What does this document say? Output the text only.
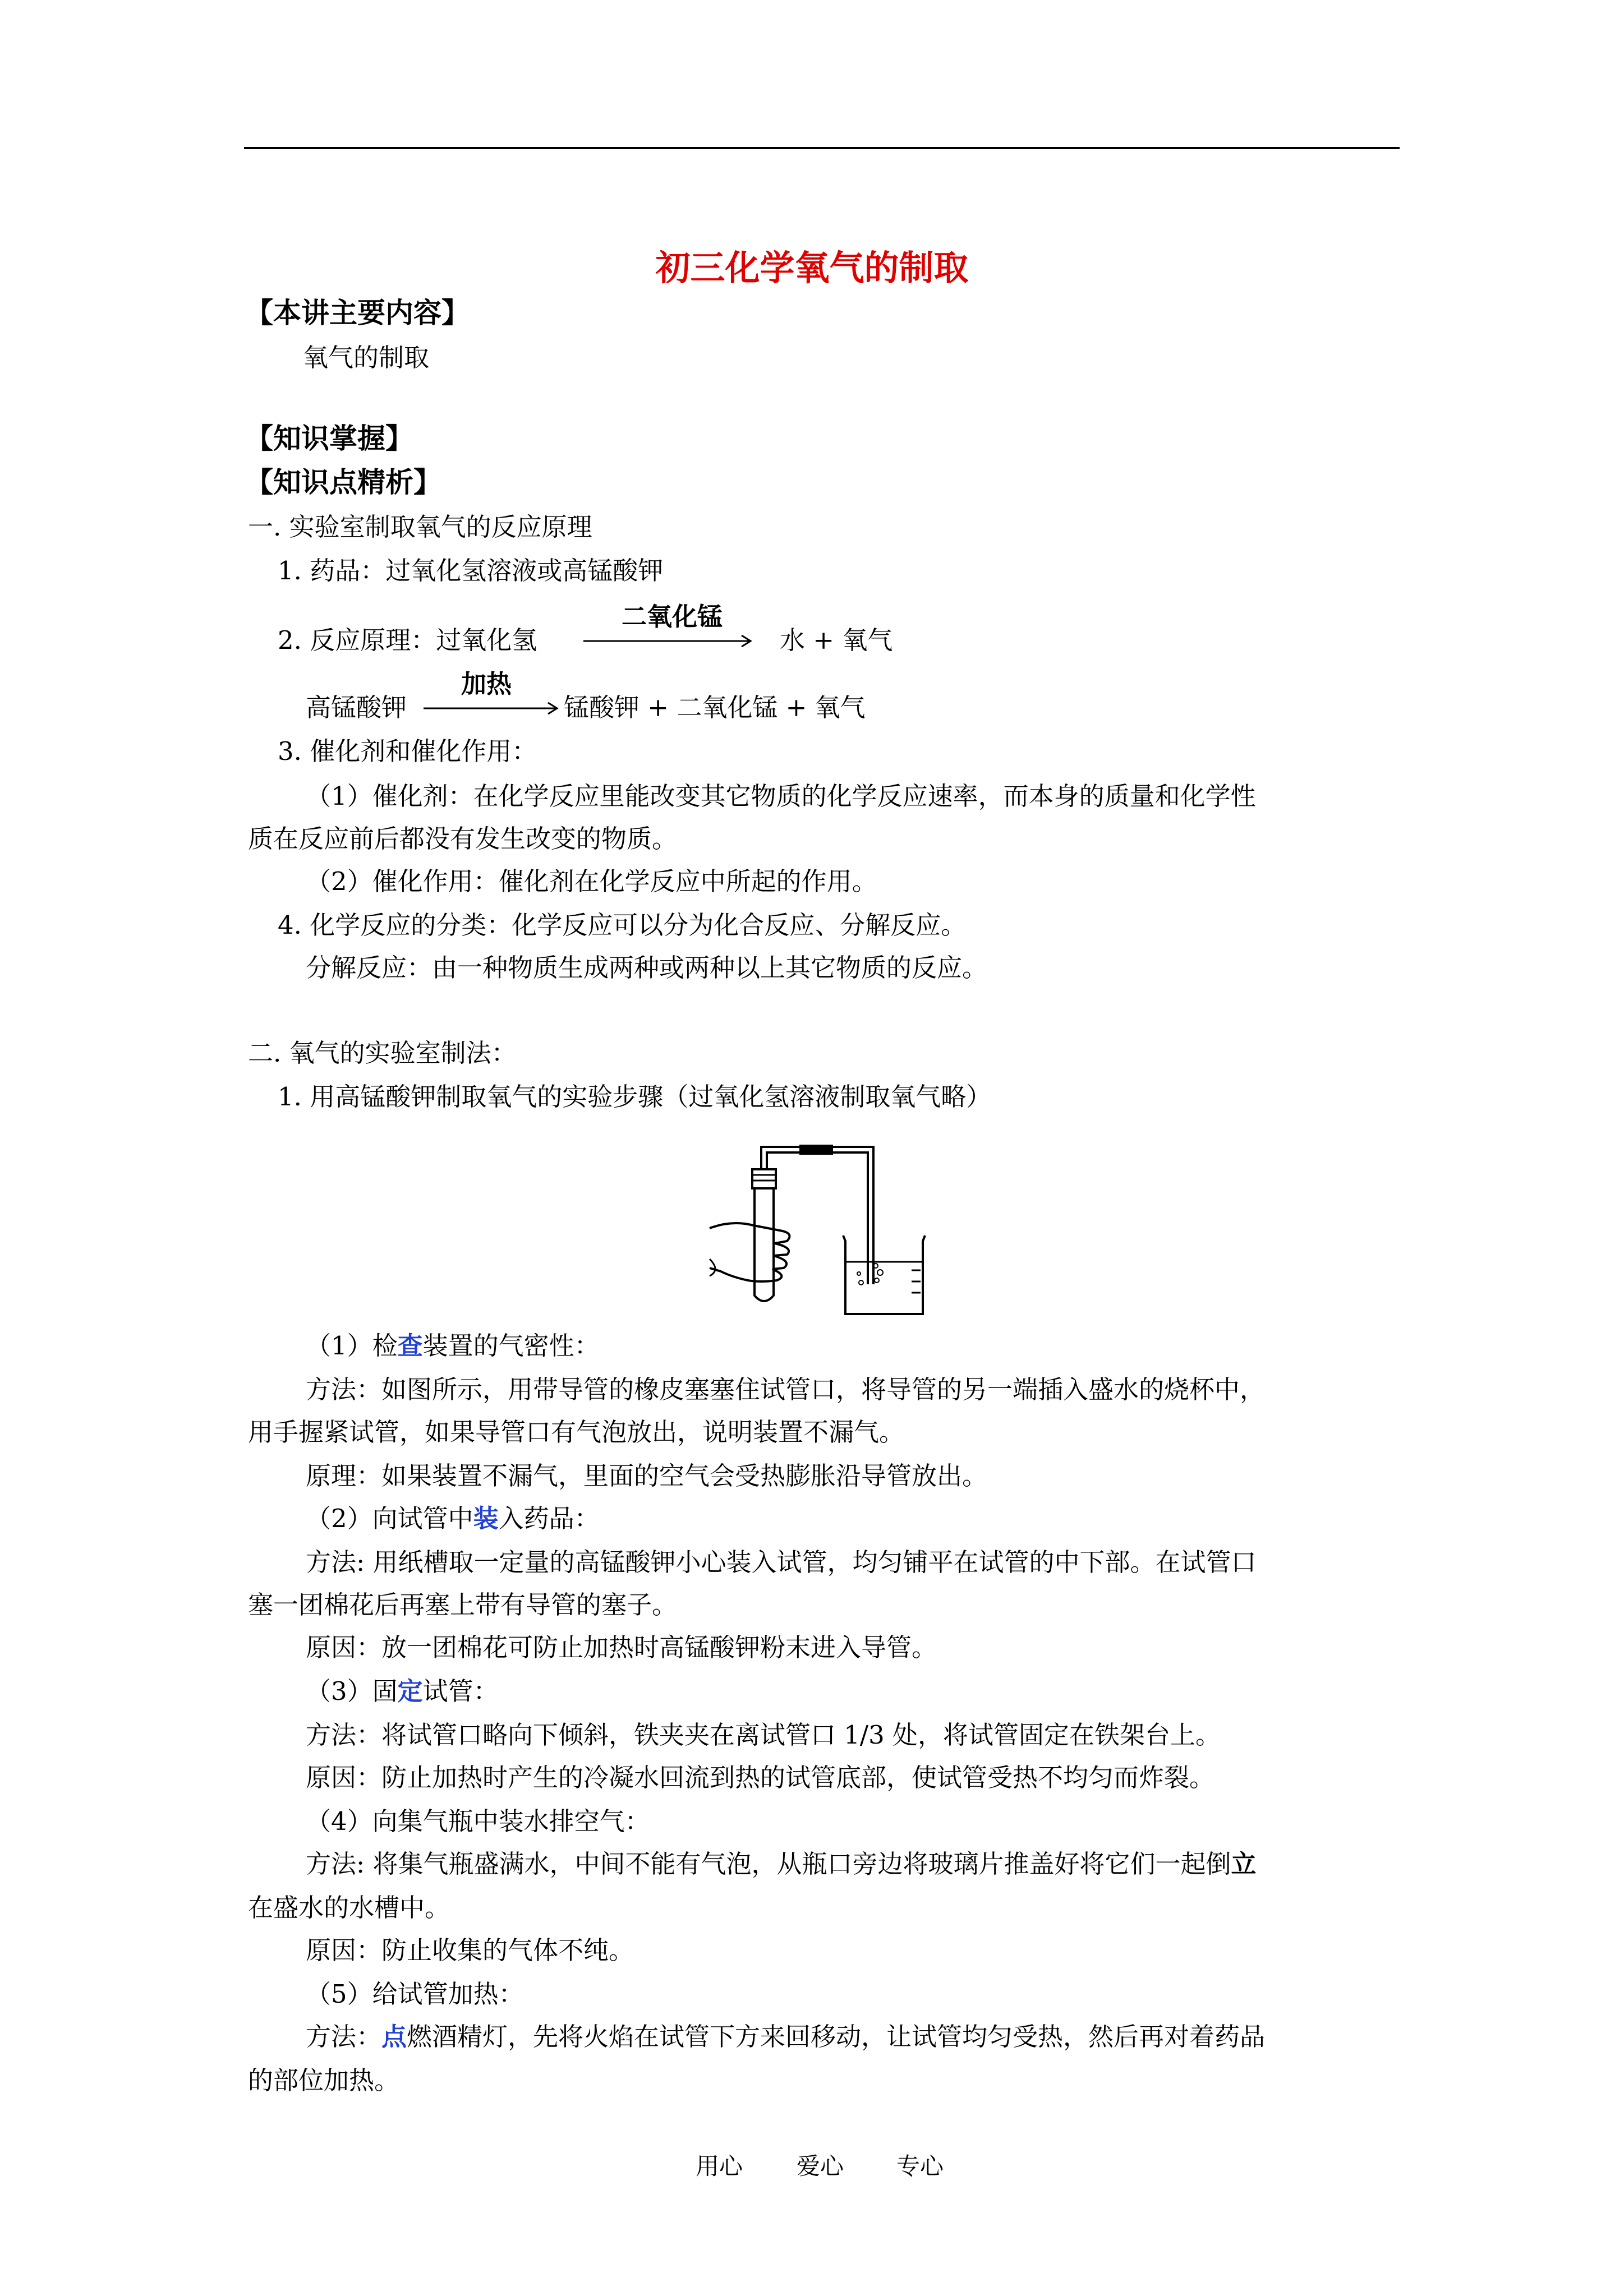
初三化学氧气的制取
【本讲主要内容】
氧气的制取
【知识掌握】
【知识点精析】
一. 实验室制取氧气的反应原理
1. 药品：过氧化氢溶液或高锰酸钾
2. 反应原理：过氧化氢
二氧化锰
水 + 氧气
高锰酸钾
加热
锰酸钾 + 二氧化锰 + 氧气
3. 催化剂和催化作用：
（1）催化剂：在化学反应里能改变其它物质的化学反应速率，而本身的质量和化学性
质在反应前后都没有发生改变的物质。
（2）催化作用：催化剂在化学反应中所起的作用。
4. 化学反应的分类：化学反应可以分为化合反应、分解反应。
分解反应：由一种物质生成两种或两种以上其它物质的反应。
二. 氧气的实验室制法：
1. 用高锰酸钾制取氧气的实验步骤（过氧化氢溶液制取氧气略）
（1）检查装置的气密性：
方法：如图所示，用带导管的橡皮塞塞住试管口，将导管的另一端插入盛水的烧杯中，
用手握紧试管，如果导管口有气泡放出，说明装置不漏气。
原理：如果装置不漏气，里面的空气会受热膨胀沿导管放出。
（2）向试管中装入药品：
方法: 用纸槽取一定量的高锰酸钾小心装入试管，均匀铺平在试管的中下部。在试管口
塞一团棉花后再塞上带有导管的塞子。
原因：放一团棉花可防止加热时高锰酸钾粉末进入导管。
（3）固定试管：
方法：将试管口略向下倾斜，铁夹夹在离试管口 1/3 处，将试管固定在铁架台上。
原因：防止加热时产生的冷凝水回流到热的试管底部，使试管受热不均匀而炸裂。
（4）向集气瓶中装水排空气：
方法: 将集气瓶盛满水，中间不能有气泡，从瓶口旁边将玻璃片推盖好将它们一起倒立
在盛水的水槽中。
原因：防止收集的气体不纯。
（5）给试管加热：
方法：点燃酒精灯，先将火焰在试管下方来回移动，让试管均匀受热，然后再对着药品
的部位加热。
用心 爱心 专心
